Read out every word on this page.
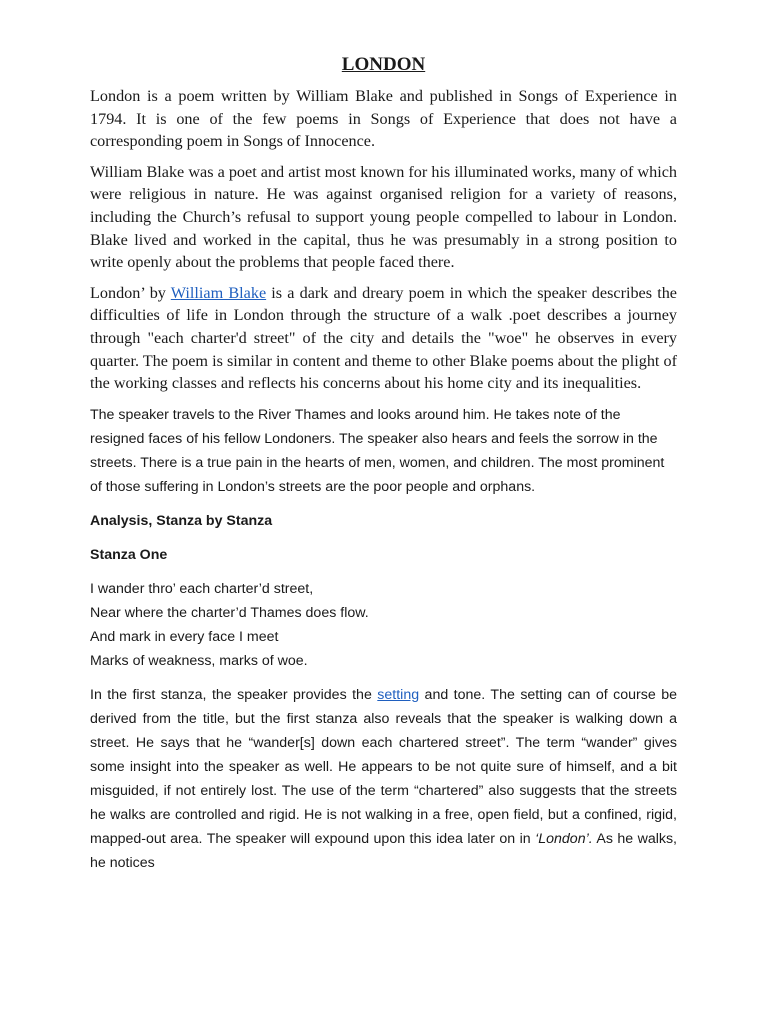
LONDON

London is a poem written by William Blake and published in Songs of Experience in 1794. It is one of the few poems in Songs of Experience that does not have a corresponding poem in Songs of Innocence.

William Blake was a poet and artist most known for his illuminated works, many of which were religious in nature. He was against organised religion for a variety of reasons, including the Church’s refusal to support young people compelled to labour in London. Blake lived and worked in the capital, thus he was presumably in a strong position to write openly about the problems that people faced there.

London’ by William Blake is a dark and dreary poem in which the speaker describes the difficulties of life in London through the structure of a walk .poet describes a journey through "each charter'd street" of the city and details the "woe" he observes in every quarter. The poem is similar in content and theme to other Blake poems about the plight of the working classes and reflects his concerns about his home city and its inequalities.

The speaker travels to the River Thames and looks around him. He takes note of the resigned faces of his fellow Londoners. The speaker also hears and feels the sorrow in the streets. There is a true pain in the hearts of men, women, and children. The most prominent of those suffering in London’s streets are the poor people and orphans.

Analysis, Stanza by Stanza
Stanza One

I wander thro’ each charter’d street,
Near where the charter’d Thames does flow.
And mark in every face I meet
Marks of weakness, marks of woe.

In the first stanza, the speaker provides the setting and tone. The setting can of course be derived from the title, but the first stanza also reveals that the speaker is walking down a street. He says that he “wander[s] down each chartered street”. The term “wander” gives some insight into the speaker as well. He appears to be not quite sure of himself, and a bit misguided, if not entirely lost. The use of the term “chartered” also suggests that the streets he walks are controlled and rigid. He is not walking in a free, open field, but a confined, rigid, mapped-out area. The speaker will expound upon this idea later on in ‘London’. As he walks, he notices
